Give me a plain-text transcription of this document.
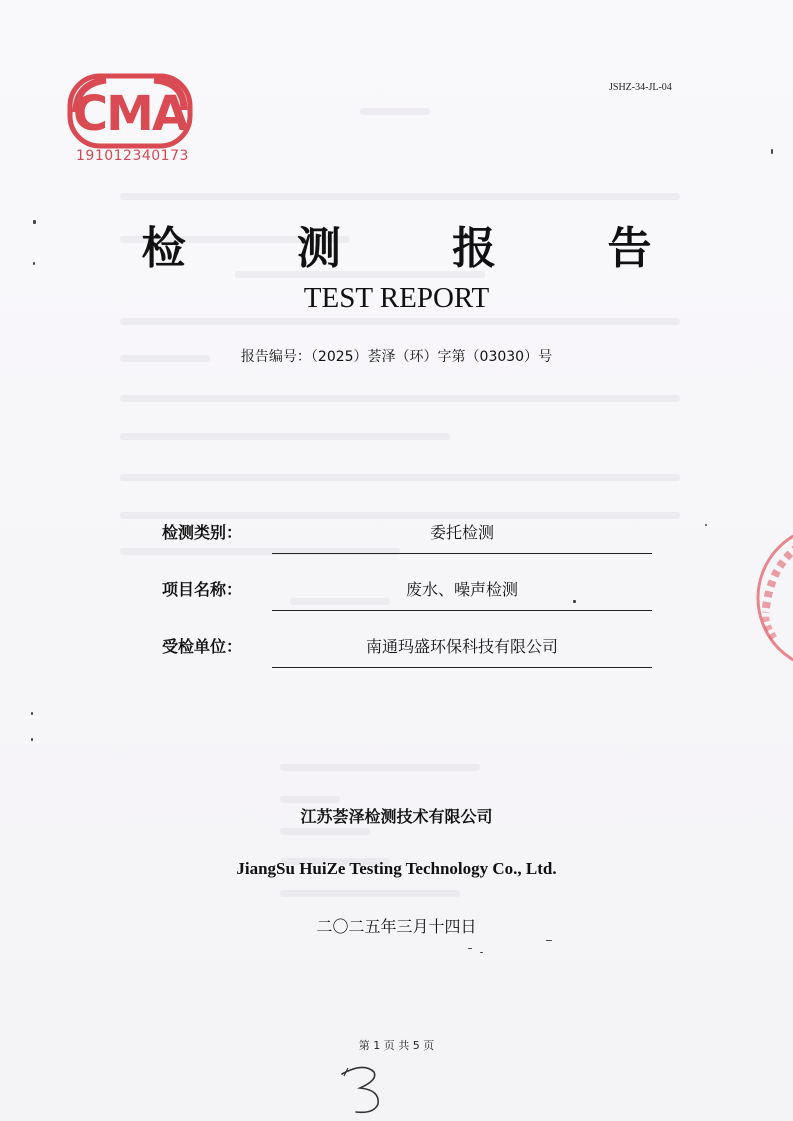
CMA
191012340173
JSHZ-34-JL-04
检 测 报 告
TEST REPORT
报告编号：（2025）荟泽（环）字第（03030）号
检测类别：	委托检测
项目名称：	废水、噪声检测
受检单位：	南通玛盛环保科技有限公司
江苏荟泽检测技术有限公司
JiangSu HuiZe Testing Technology Co., Ltd.
二〇二五年三月十四日
第 1 页 共 5 页
